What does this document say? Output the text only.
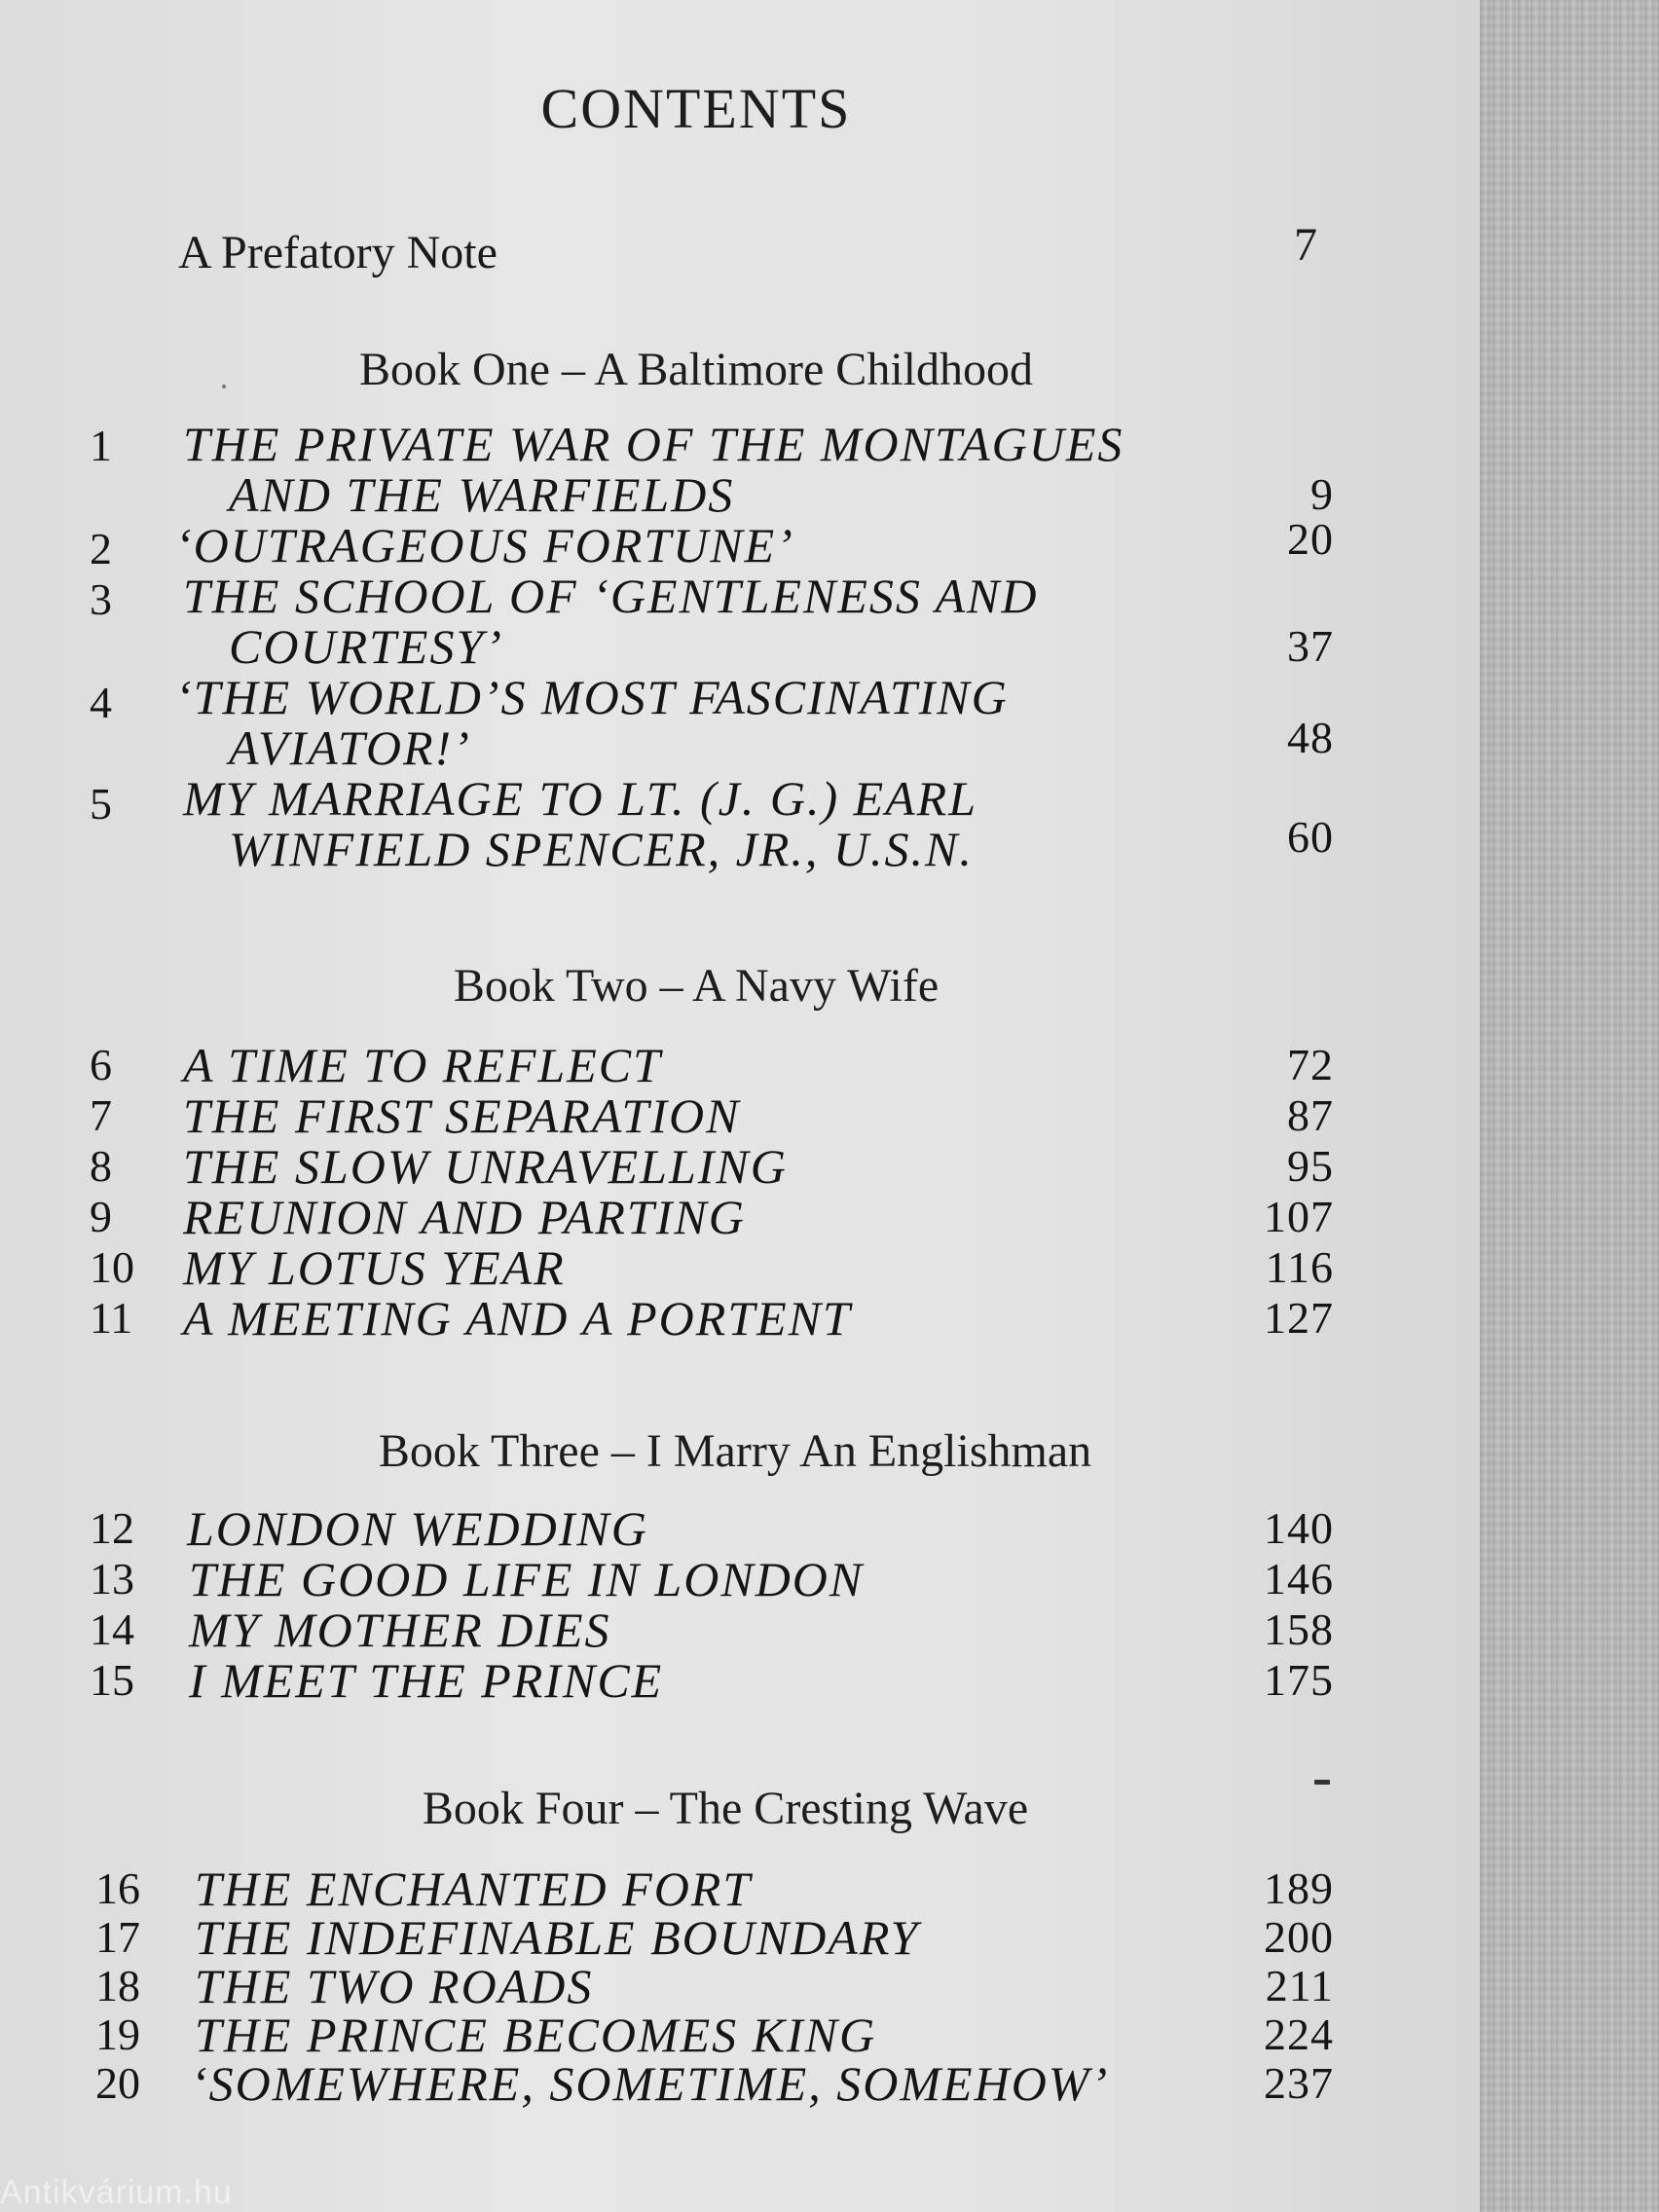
CONTENTS
A Prefatory Note	7
Book One – A Baltimore Childhood
1	THE PRIVATE WAR OF THE MONTAGUES
AND THE WARFIELDS	9
2	‘OUTRAGEOUS FORTUNE’	20
3	THE SCHOOL OF ‘GENTLENESS AND
COURTESY’	37
4	‘THE WORLD’S MOST FASCINATING
AVIATOR!’	48
5	MY MARRIAGE TO LT. (J. G.) EARL
WINFIELD SPENCER, JR., U.S.N.	60
Book Two – A Navy Wife
6	A TIME TO REFLECT	72
7	THE FIRST SEPARATION	87
8	THE SLOW UNRAVELLING	95
9	REUNION AND PARTING	107
10 MY LOTUS YEAR	116
11	A MEETING AND A PORTENT	127
Book Three – I Marry An Englishman
12 LONDON WEDDING	140
13 THE GOOD LIFE IN LONDON	146
14 MY MOTHER DIES	158
15 I MEET THE PRINCE	175
Book Four – The Cresting Wave
16 THE ENCHANTED FORT	189
17 THE INDEFINABLE BOUNDARY	200
18 THE TWO ROADS	211
19 THE PRINCE BECOMES KING	224
20 ‘SOMEWHERE, SOMETIME, SOMEHOW’	237
Antikvárium.hu
